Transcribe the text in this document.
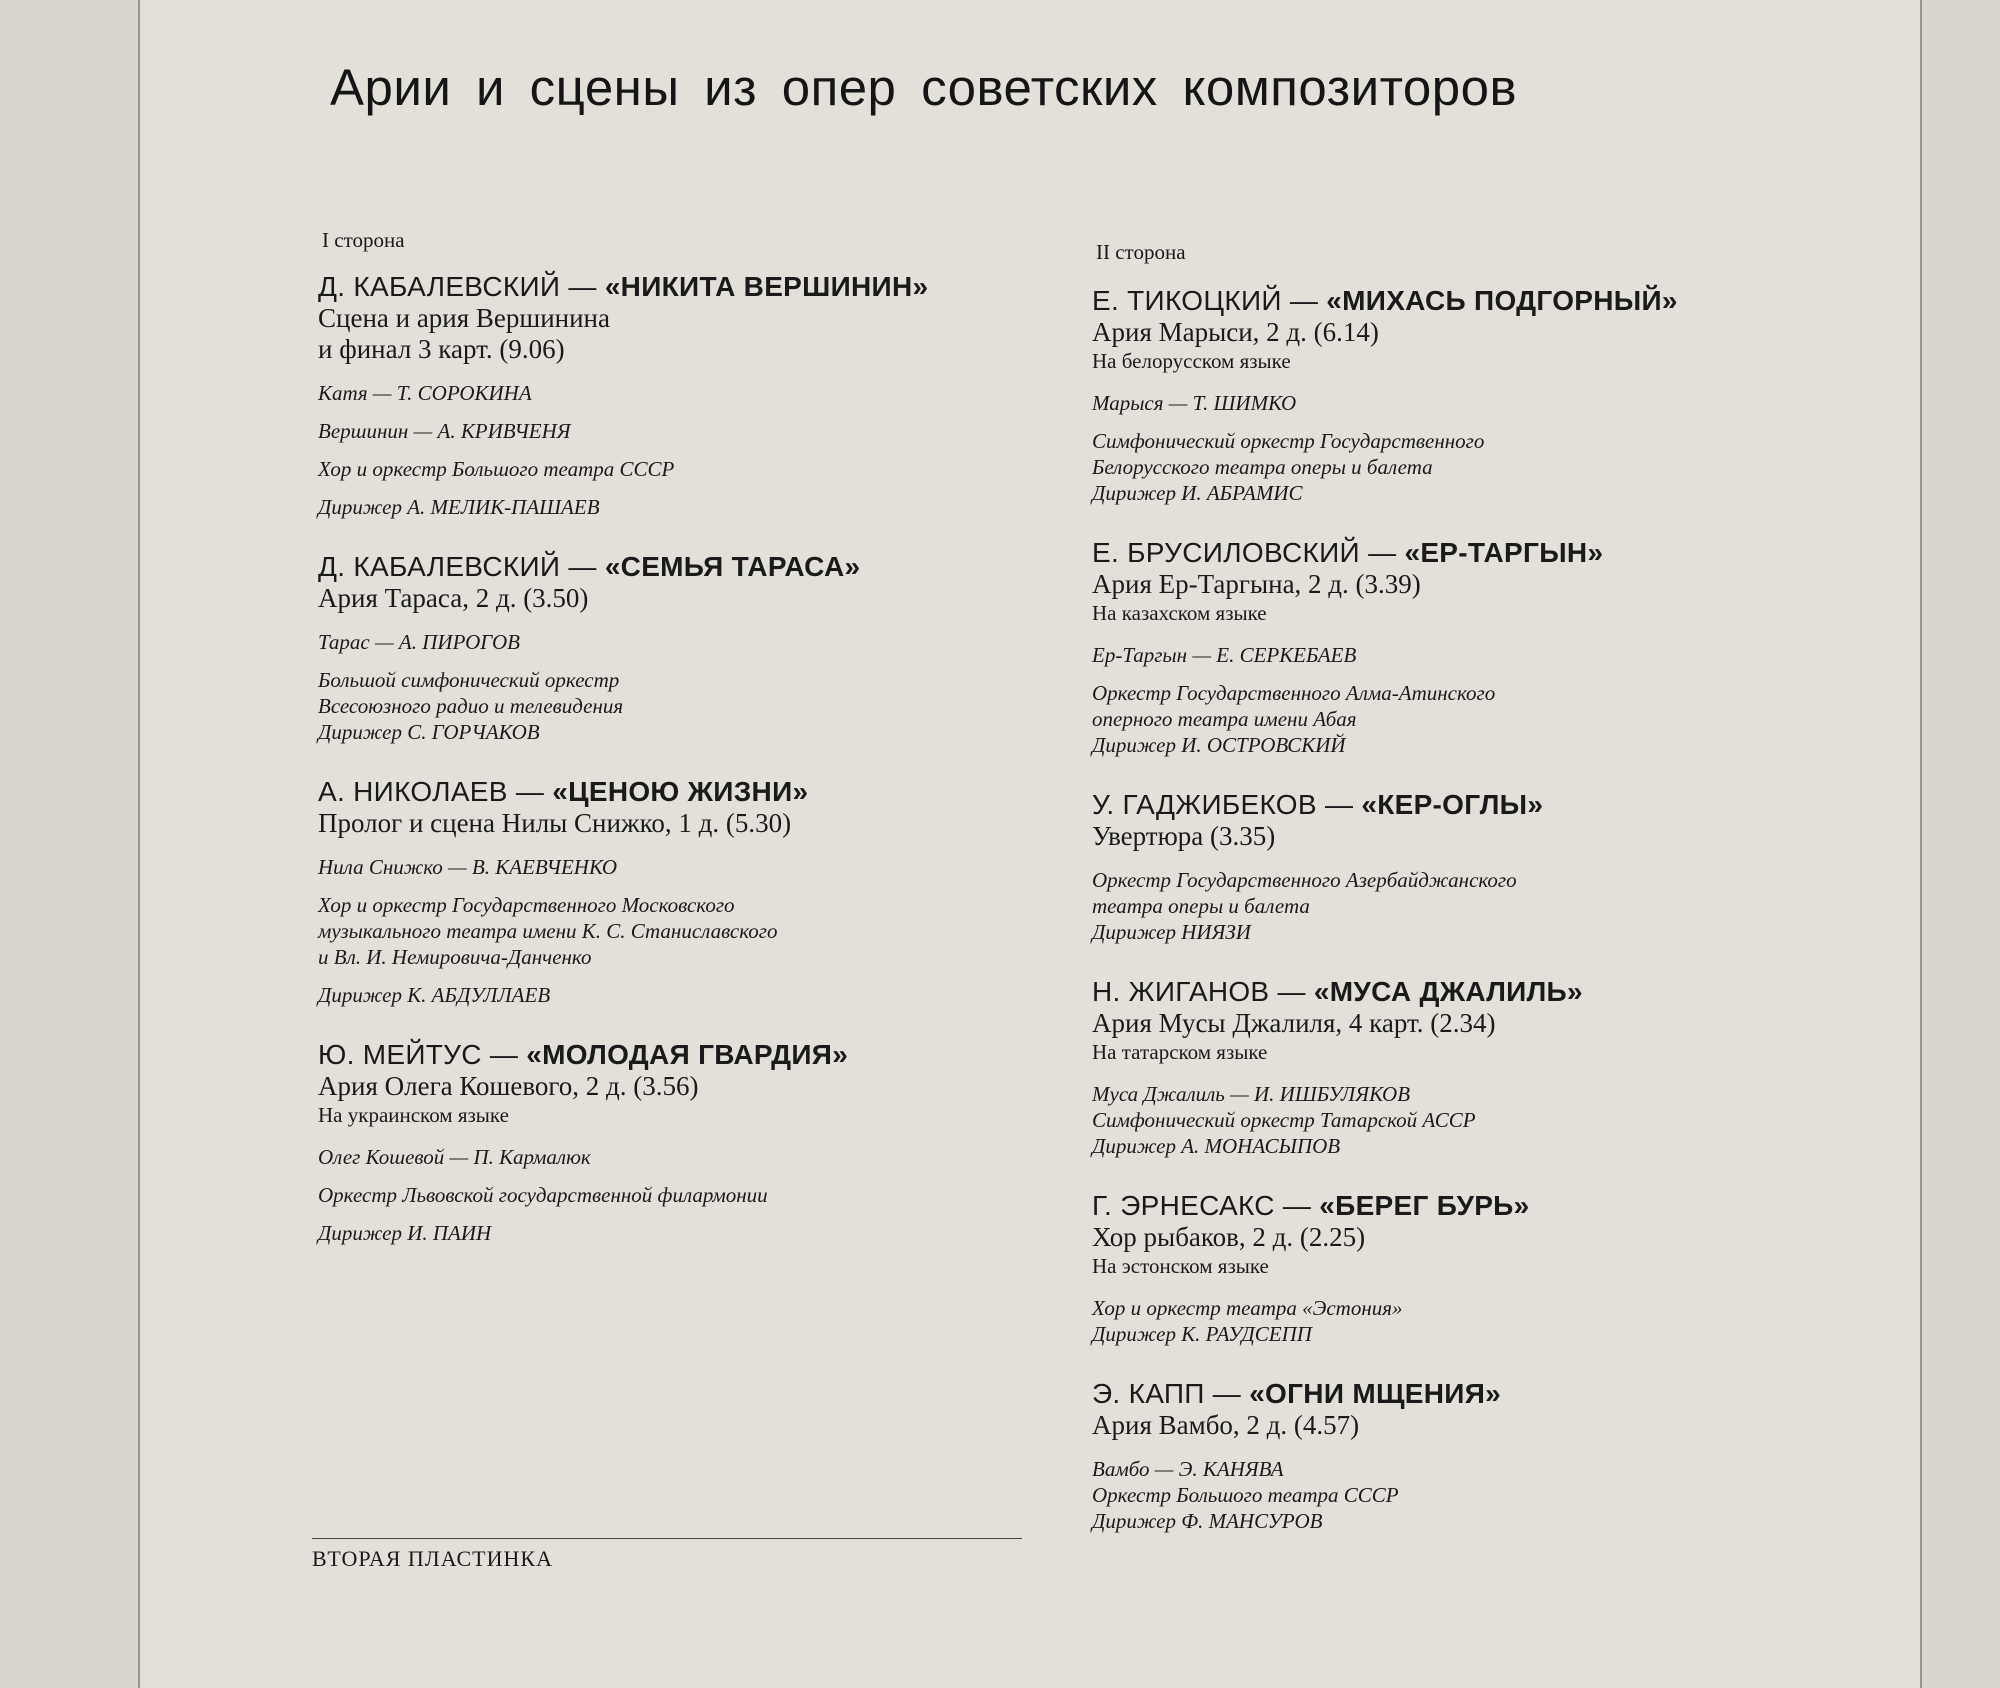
Арии и сцены из опер советских композиторов
I сторона
Д. КАБАЛЕВСКИЙ — «НИКИТА ВЕРШИНИН»
Сцена и ария Вершинина
и финал 3 карт. (9.06)
Катя — Т. СОРОКИНА
Вершинин — А. КРИВЧЕНЯ
Хор и оркестр Большого театра СССР
Дирижер А. МЕЛИК-ПАШАЕВ
Д. КАБАЛЕВСКИЙ — «СЕМЬЯ ТАРАСА»
Ария Тараса, 2 д. (3.50)
Тарас — А. ПИРОГОВ
Большой симфонический оркестр
Всесоюзного радио и телевидения
Дирижер С. ГОРЧАКОВ
А. НИКОЛАЕВ — «ЦЕНОЮ ЖИЗНИ»
Пролог и сцена Нилы Снижко, 1 д. (5.30)
Нила Снижко — В. КАЕВЧЕНКО
Хор и оркестр Государственного Московского
музыкального театра имени К. С. Станиславского
и Вл. И. Немировича-Данченко
Дирижер К. АБДУЛЛАЕВ
Ю. МЕЙТУС — «МОЛОДАЯ ГВАРДИЯ»
Ария Олега Кошевого, 2 д. (3.56)
На украинском языке
Олег Кошевой — П. Кармалюк
Оркестр Львовской государственной филармонии
Дирижер И. ПАИН
II сторона
Е. ТИКОЦКИЙ — «МИХАСЬ ПОДГОРНЫЙ»
Ария Марыси, 2 д. (6.14)
На белорусском языке
Марыся — Т. ШИМКО
Симфонический оркестр Государственного
Белорусского театра оперы и балета
Дирижер И. АБРАМИС
Е. БРУСИЛОВСКИЙ — «ЕР-ТАРГЫН»
Ария Ер-Таргына, 2 д. (3.39)
На казахском языке
Ер-Таргын — Е. СЕРКЕБАЕВ
Оркестр Государственного Алма-Атинского
оперного театра имени Абая
Дирижер И. ОСТРОВСКИЙ
У. ГАДЖИБЕКОВ — «КЕР-ОГЛЫ»
Увертюра (3.35)
Оркестр Государственного Азербайджанского
театра оперы и балета
Дирижер НИЯЗИ
Н. ЖИГАНОВ — «МУСА ДЖАЛИЛЬ»
Ария Мусы Джалиля, 4 карт. (2.34)
На татарском языке
Муса Джалиль — И. ИШБУЛЯКОВ
Симфонический оркестр Татарской АССР
Дирижер А. МОНАСЫПОВ
Г. ЭРНЕСАКС — «БЕРЕГ БУРЬ»
Хор рыбаков, 2 д. (2.25)
На эстонском языке
Хор и оркестр театра «Эстония»
Дирижер К. РАУДСЕПП
Э. КАПП — «ОГНИ МЩЕНИЯ»
Ария Вамбо, 2 д. (4.57)
Вамбо — Э. КАНЯВА
Оркестр Большого театра СССР
Дирижер Ф. МАНСУРОВ
ВТОРАЯ ПЛАСТИНКА
